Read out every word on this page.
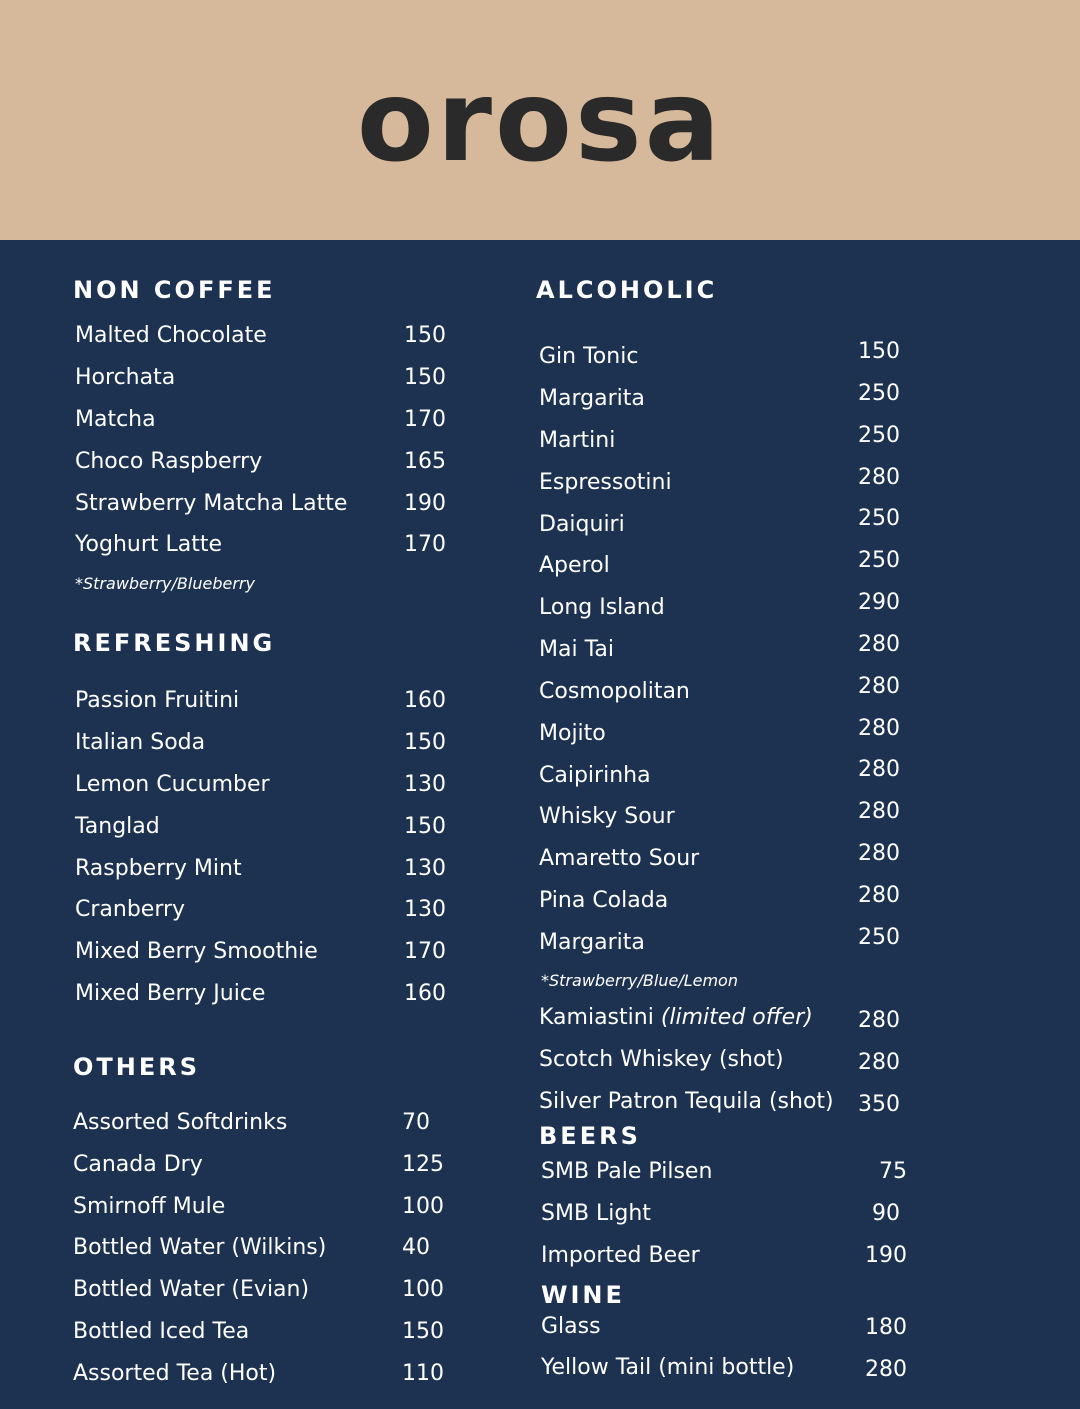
orosa
NON COFFEE
Malted Chocolate	150
Horchata	150
Matcha	170
Choco Raspberry	165
Strawberry Matcha Latte	190
Yoghurt Latte	170
*Strawberry/Blueberry
REFRESHING
Passion Fruitini	160
Italian Soda	150
Lemon Cucumber	130
Tanglad	150
Raspberry Mint	130
Cranberry	130
Mixed Berry Smoothie	170
Mixed Berry Juice	160
OTHERS
Assorted Softdrinks	70
Canada Dry	125
Smirnoff Mule	100
Bottled Water (Wilkins)	40
Bottled Water (Evian)	100
Bottled Iced Tea	150
Assorted Tea (Hot)	110
ALCOHOLIC
Gin Tonic	150
Margarita	250
Martini	250
Espressotini	280
Daiquiri	250
Aperol	250
Long Island	290
Mai Tai	280
Cosmopolitan	280
Mojito	280
Caipirinha	280
Whisky Sour	280
Amaretto Sour	280
Pina Colada	280
Margarita	250
*Strawberry/Blue/Lemon
Kamiastini (limited offer) 280
Scotch Whiskey (shot)	280
Silver Patron Tequila (shot) 350
BEERS
SMB Pale Pilsen	75
SMB Light	90
Imported Beer	190
WINE
Glass	180
Yellow Tail (mini bottle)	280
